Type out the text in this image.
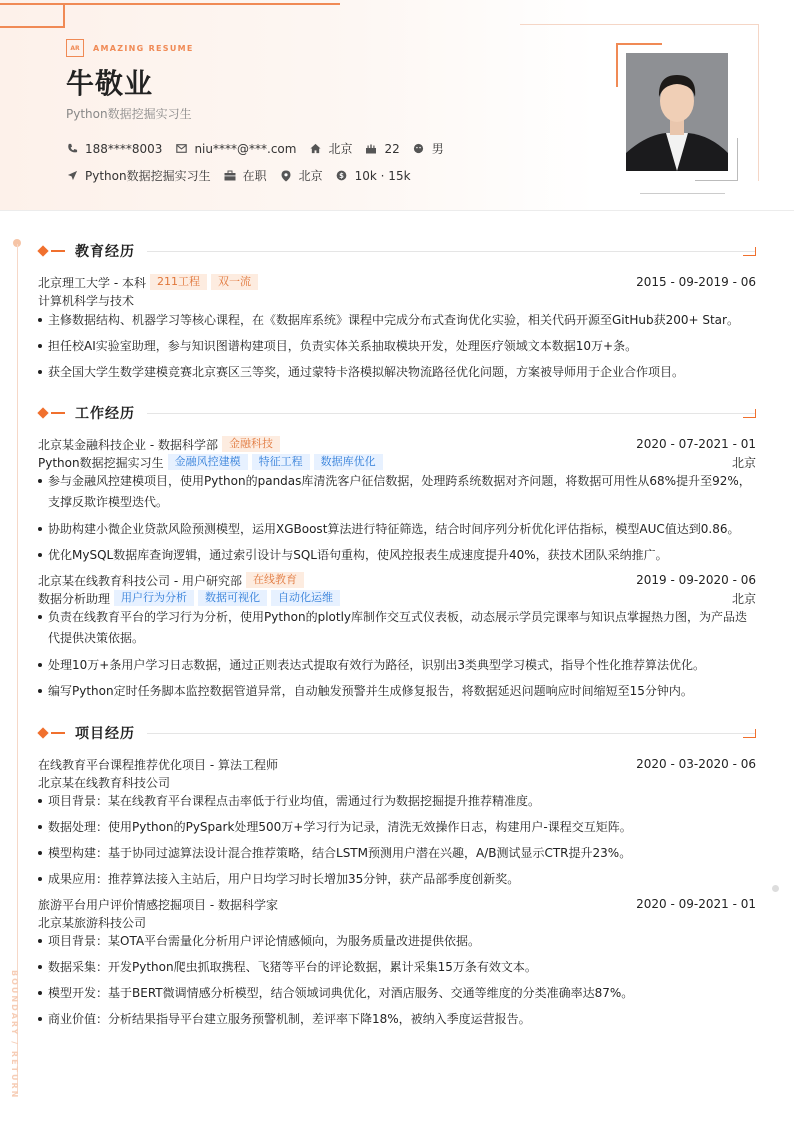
AR	AMAZING RESUME
牛敬业
Python数据挖掘实习生
188****8003	niu****@***.com	北京	22	男
Python数据挖掘实习生	在职	北京 $ 10k · 15k
BOUNDARY / RETURN
教育经历
北京理工大学 - 本科	211工程	双一流	2015 - 09-2019 - 06
计算机科学与技术
主修数据结构、机器学习等核心课程，在《数据库系统》课程中完成分布式查询优化实验，相关代码开源至GitHub获200+ Star。
担任校AI实验室助理，参与知识图谱构建项目，负责实体关系抽取模块开发，处理医疗领域文本数据10万+条。
获全国大学生数学建模竞赛北京赛区三等奖，通过蒙特卡洛模拟解决物流路径优化问题，方案被导师用于企业合作项目。
工作经历
北京某金融科技企业 - 数据科学部	金融科技	2020 - 07-2021 - 01
Python数据挖掘实习生	金融风控建模	特征工程	数据库优化	北京
参与金融风控建模项目，使用Python的pandas库清洗客户征信数据，处理跨系统数据对齐问题，将数据可用性从68%提升至92%，支撑反欺诈模型迭代。
协助构建小微企业贷款风险预测模型，运用XGBoost算法进行特征筛选，结合时间序列分析优化评估指标，模型AUC值达到0.86。
优化MySQL数据库查询逻辑，通过索引设计与SQL语句重构，使风控报表生成速度提升40%，获技术团队采纳推广。
北京某在线教育科技公司 - 用户研究部	在线教育	2019 - 09-2020 - 06
数据分析助理	用户行为分析	数据可视化	自动化运维	北京
负责在线教育平台的学习行为分析，使用Python的plotly库制作交互式仪表板，动态展示学员完课率与知识点掌握热力图，为产品迭代提供决策依据。
处理10万+条用户学习日志数据，通过正则表达式提取有效行为路径，识别出3类典型学习模式，指导个性化推荐算法优化。
编写Python定时任务脚本监控数据管道异常，自动触发预警并生成修复报告，将数据延迟问题响应时间缩短至15分钟内。
项目经历
在线教育平台课程推荐优化项目 - 算法工程师	2020 - 03-2020 - 06
北京某在线教育科技公司
项目背景：某在线教育平台课程点击率低于行业均值，需通过行为数据挖掘提升推荐精准度。
数据处理：使用Python的PySpark处理500万+学习行为记录，清洗无效操作日志，构建用户-课程交互矩阵。
模型构建：基于协同过滤算法设计混合推荐策略，结合LSTM预测用户潜在兴趣，A/B测试显示CTR提升23%。
成果应用：推荐算法接入主站后，用户日均学习时长增加35分钟，获产品部季度创新奖。
旅游平台用户评价情感挖掘项目 - 数据科学家	2020 - 09-2021 - 01
北京某旅游科技公司
项目背景：某OTA平台需量化分析用户评论情感倾向，为服务质量改进提供依据。
数据采集：开发Python爬虫抓取携程、飞猪等平台的评论数据，累计采集15万条有效文本。
模型开发：基于BERT微调情感分析模型，结合领域词典优化，对酒店服务、交通等维度的分类准确率达87%。
商业价值：分析结果指导平台建立服务预警机制，差评率下降18%，被纳入季度运营报告。
